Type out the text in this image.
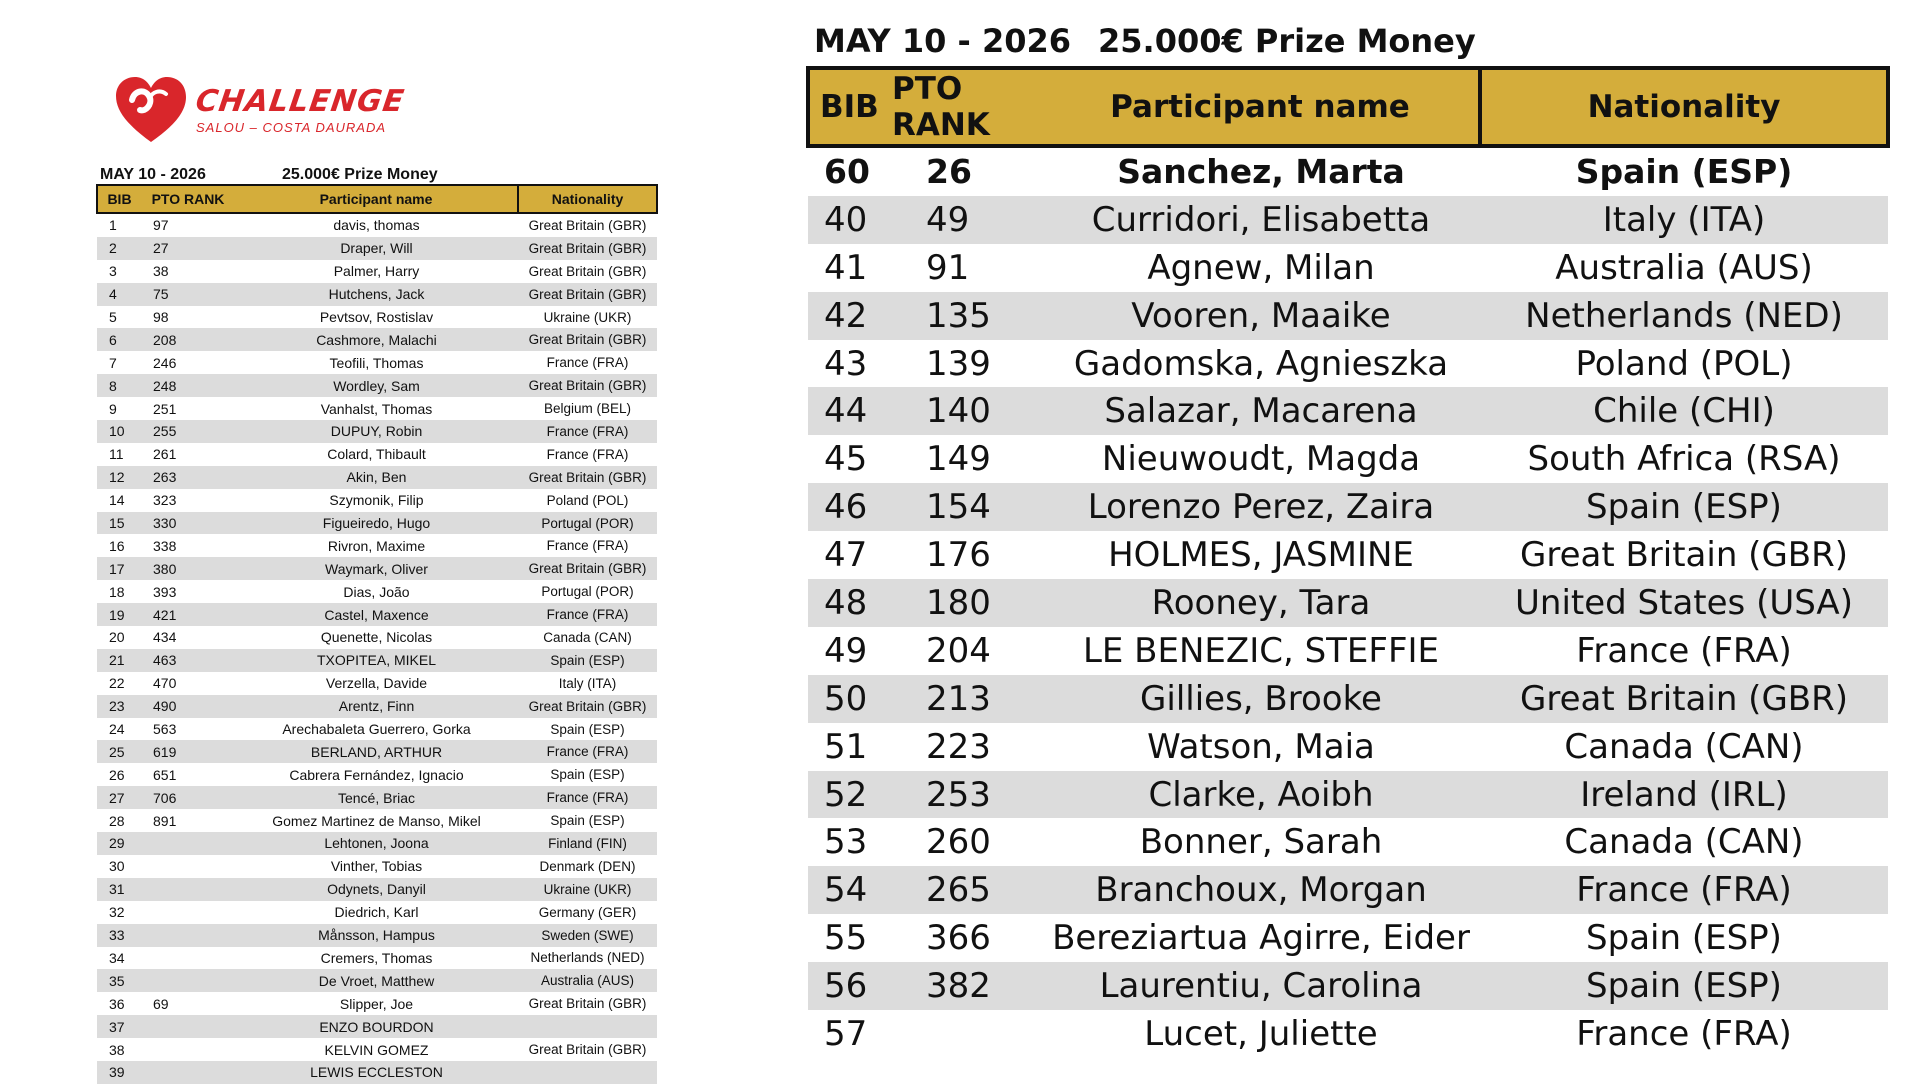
CHALLENGE
SALOU – COSTA DAURADA
MAY 10 - 2026	25.000€ Prize Money
BIB	PTO RANK	Participant name	Nationality
1	97	davis, thomas	Great Britain (GBR)
2	27	Draper, Will	Great Britain (GBR)
3	38	Palmer, Harry	Great Britain (GBR)
4	75	Hutchens, Jack	Great Britain (GBR)
5	98	Pevtsov, Rostislav	Ukraine (UKR)
6	208	Cashmore, Malachi	Great Britain (GBR)
7	246	Teofili, Thomas	France (FRA)
8	248	Wordley, Sam	Great Britain (GBR)
9	251	Vanhalst, Thomas	Belgium (BEL)
10	255	DUPUY, Robin	France (FRA)
11	261	Colard, Thibault	France (FRA)
12	263	Akin, Ben	Great Britain (GBR)
14	323	Szymonik, Filip	Poland (POL)
15	330	Figueiredo, Hugo	Portugal (POR)
16	338	Rivron, Maxime	France (FRA)
17	380	Waymark, Oliver	Great Britain (GBR)
18	393	Dias, João	Portugal (POR)
19	421	Castel, Maxence	France (FRA)
20	434	Quenette, Nicolas	Canada (CAN)
21	463	TXOPITEA, MIKEL	Spain (ESP)
22	470	Verzella, Davide	Italy (ITA)
23	490	Arentz, Finn	Great Britain (GBR)
24	563	Arechabaleta Guerrero, Gorka	Spain (ESP)
25	619	BERLAND, ARTHUR	France (FRA)
26	651	Cabrera Fernández, Ignacio	Spain (ESP)
27	706	Tencé, Briac	France (FRA)
28	891	Gomez Martinez de Manso, Mikel	Spain (ESP)
29		Lehtonen, Joona	Finland (FIN)
30		Vinther, Tobias	Denmark (DEN)
31		Odynets, Danyil	Ukraine (UKR)
32		Diedrich, Karl	Germany (GER)
33		Månsson, Hampus	Sweden (SWE)
34		Cremers, Thomas	Netherlands (NED)
35		De Vroet, Matthew	Australia (AUS)
36	69	Slipper, Joe	Great Britain (GBR)
37		ENZO BOURDON	
38		KELVIN GOMEZ	Great Britain (GBR)
39		LEWIS ECCLESTON	
MAY 10 - 2026 25.000€ Prize Money
BIB	PTO RANK	Participant name	Nationality
60	26	Sanchez, Marta	Spain (ESP)
40	49	Curridori, Elisabetta	Italy (ITA)
41	91	Agnew, Milan	Australia (AUS)
42	135	Vooren, Maaike	Netherlands (NED)
43	139	Gadomska, Agnieszka	Poland (POL)
44	140	Salazar, Macarena	Chile (CHI)
45	149	Nieuwoudt, Magda	South Africa (RSA)
46	154	Lorenzo Perez, Zaira	Spain (ESP)
47	176	HOLMES, JASMINE	Great Britain (GBR)
48	180	Rooney, Tara	United States (USA)
49	204	LE BENEZIC, STEFFIE	France (FRA)
50	213	Gillies, Brooke	Great Britain (GBR)
51	223	Watson, Maia	Canada (CAN)
52	253	Clarke, Aoibh	Ireland (IRL)
53	260	Bonner, Sarah	Canada (CAN)
54	265	Branchoux, Morgan	France (FRA)
55	366	Bereziartua Agirre, Eider	Spain (ESP)
56	382	Laurentiu, Carolina	Spain (ESP)
57		Lucet, Juliette	France (FRA)
